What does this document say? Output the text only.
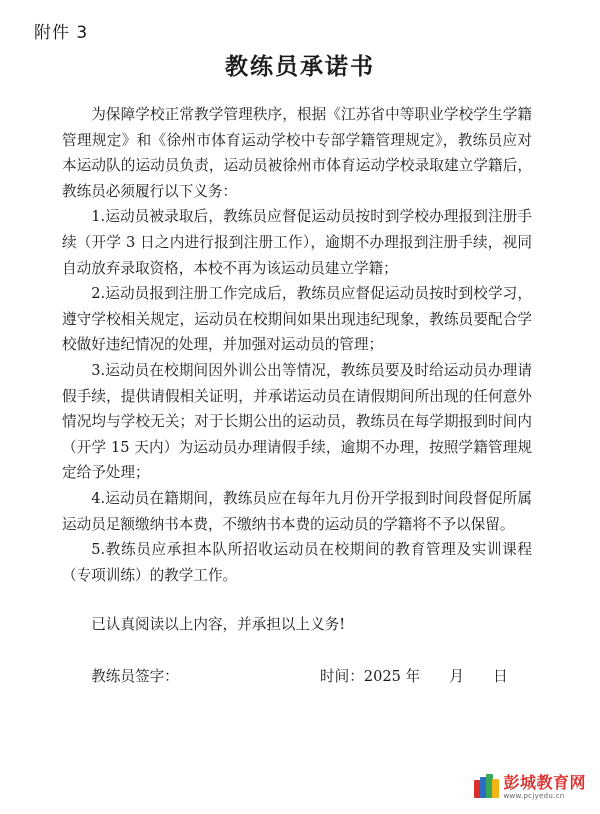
附件 3
教练员承诺书

为保障学校正常教学管理秩序，根据《江苏省中等职业学校学生学籍管理规定》和《徐州市体育运动学校中专部学籍管理规定》，教练员应对本运动队的运动员负责，运动员被徐州市体育运动学校录取建立学籍后，教练员必须履行以下义务：

1.运动员被录取后，教练员应督促运动员按时到学校办理报到注册手续（开学 3 日之内进行报到注册工作），逾期不办理报到注册手续，视同自动放弃录取资格，本校不再为该运动员建立学籍；

2.运动员报到注册工作完成后，教练员应督促运动员按时到校学习，遵守学校相关规定，运动员在校期间如果出现违纪现象，教练员要配合学校做好违纪情况的处理，并加强对运动员的管理；

3.运动员在校期间因外训公出等情况，教练员要及时给运动员办理请假手续，提供请假相关证明，并承诺运动员在请假期间所出现的任何意外情况均与学校无关；对于长期公出的运动员，教练员在每学期报到时间内（开学 15 天内）为运动员办理请假手续，逾期不办理，按照学籍管理规定给予处理；

4.运动员在籍期间，教练员应在每年九月份开学报到时间段督促所属运动员足额缴纳书本费，不缴纳书本费的运动员的学籍将不予以保留。

5.教练员应承担本队所招收运动员在校期间的教育管理及实训课程（专项训练）的教学工作。

已认真阅读以上内容，并承担以上义务!
教练员签字：	时间：2025 年　　月　　日
彭城教育网
www.pcjyedu.cn
